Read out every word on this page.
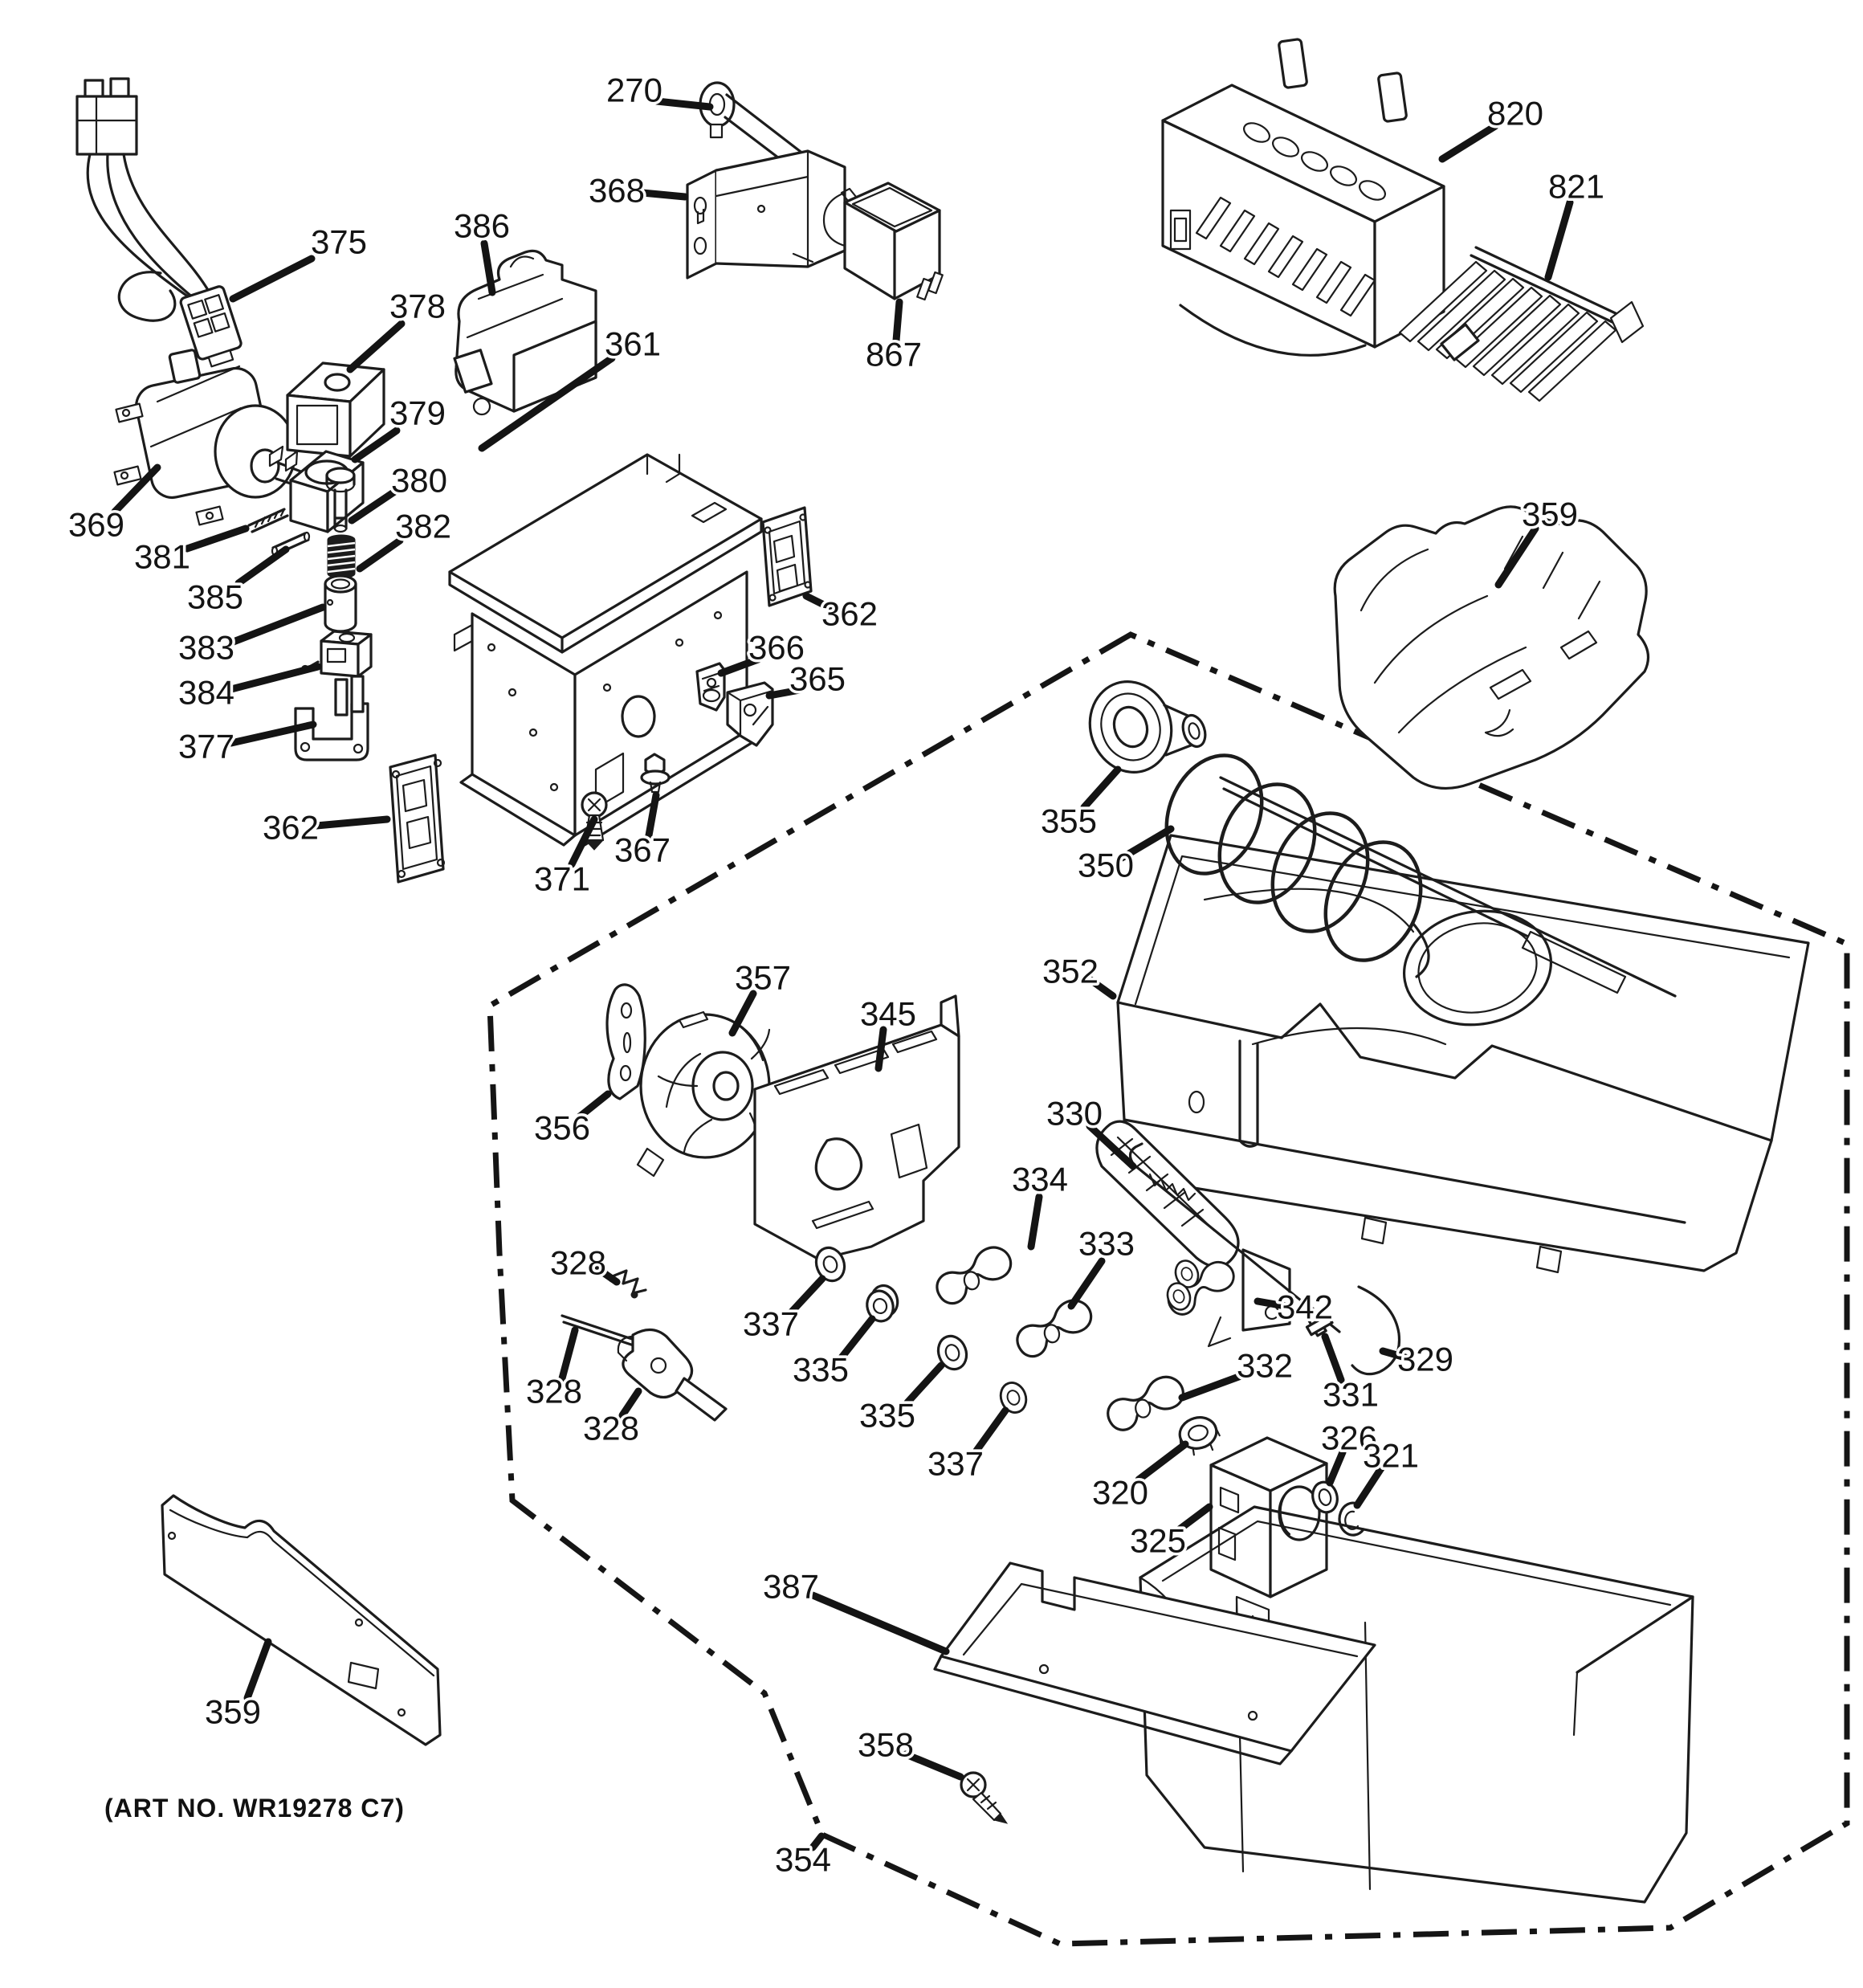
270
368
867
820
821
375	386
378
379
380
382
369
381
385
383
384
377
362
361
362
366
365
367
371
359
355
350
352
357
345
356	330
328
328
328
337
335
335
337
320
334
333
332
342
329
331
326
321
325
387
358
354
359
(ART NO. WR19278 C7)
